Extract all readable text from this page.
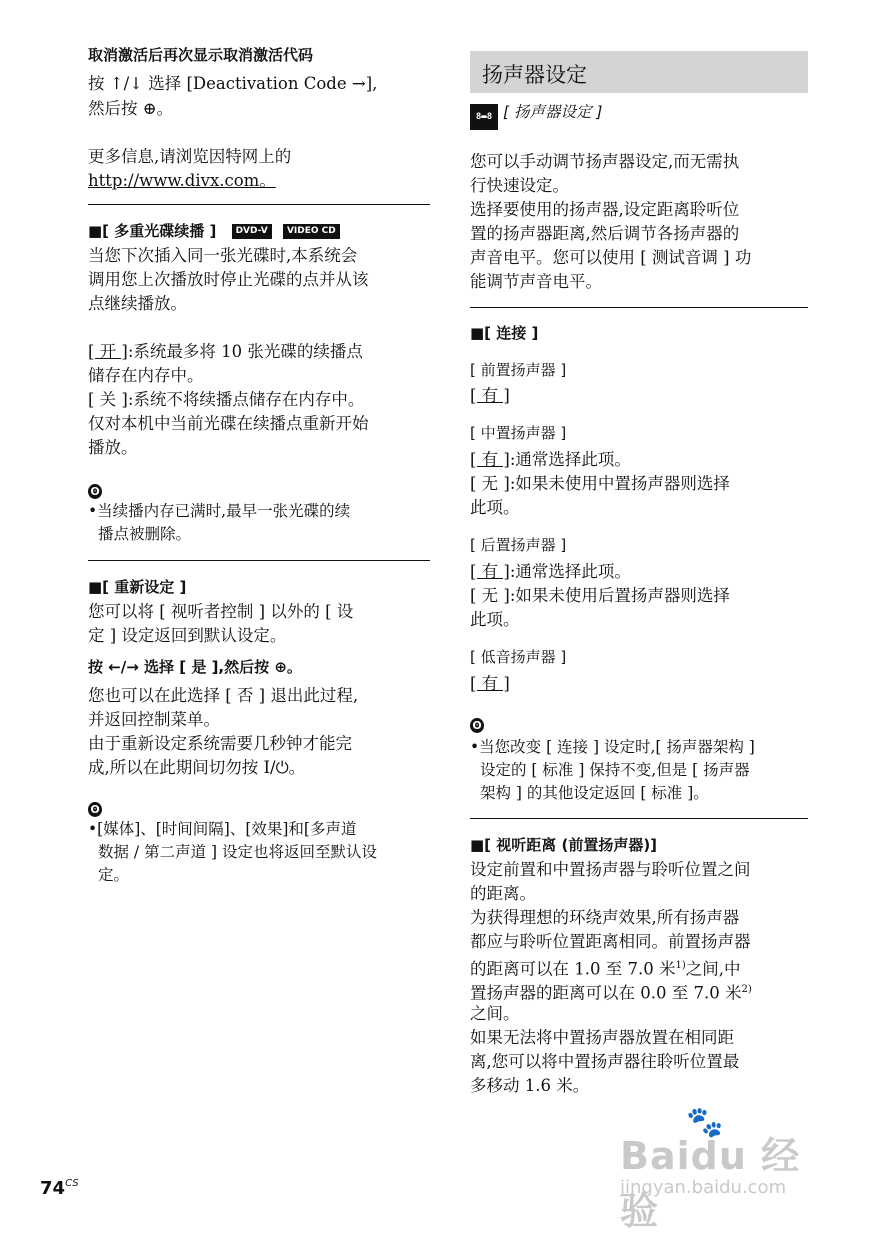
取消激活后再次显示取消激活代码

按 ↑/↓ 选择 [Deactivation Code →],

然后按 ⊕。

更多信息,请浏览因特网上的

http://www.divx.com。

■[ 多重光碟续播 ] DVD-V VIDEO CD

当您下次插入同一张光碟时,本系统会

调用您上次播放时停止光碟的点并从该

点继续播放。

[ 开 ]:系统最多将 10 张光碟的续播点

储存在内存中。

[ 关 ]:系统不将续播点储存在内存中。

仅对本机中当前光碟在续播点重新开始

播放。

ʘ
•当续播内存已满时,最早一张光碟的续
播点被删除。
■[ 重新设定 ]

您可以将 [ 视听者控制 ] 以外的 [ 设

定 ] 设定返回到默认设定。

按 ←/→ 选择 [ 是 ],然后按 ⊕。

您也可以在此选择 [ 否 ] 退出此过程,

并返回控制菜单。

由于重新设定系统需要几秒钟才能完

成,所以在此期间切勿按 I/⏻。

ʘ
•[媒体]、[时间间隔]、[效果]和[多声道
数据 / 第二声道 ] 设定也将返回至默认设
定。
扬声器设定
8▬8 [ 扬声器设定 ]

您可以手动调节扬声器设定,而无需执

行快速设定。

选择要使用的扬声器,设定距离聆听位

置的扬声器距离,然后调节各扬声器的

声音电平。您可以使用 [ 测试音调 ] 功

能调节声音电平。

■[ 连接 ]
[ 前置扬声器 ]

[ 有 ]

[ 中置扬声器 ]

[ 有 ]:通常选择此项。

[ 无 ]:如果未使用中置扬声器则选择

此项。

[ 后置扬声器 ]

[ 有 ]:通常选择此项。

[ 无 ]:如果未使用后置扬声器则选择

此项。

[ 低音扬声器 ]

[ 有 ]

ʘ
•当您改变 [ 连接 ] 设定时,[ 扬声器架构 ]
设定的 [ 标准 ] 保持不变,但是 [ 扬声器
架构 ] 的其他设定返回 [ 标准 ]。
■[ 视听距离 (前置扬声器)]

设定前置和中置扬声器与聆听位置之间

的距离。

为获得理想的环绕声效果,所有扬声器

都应与聆听位置距离相同。前置扬声器

的距离可以在 1.0 至 7.0 米$^{1)}$之间,中

置扬声器的距离可以在 0.0 至 7.0 米$^{2)}$

之间。

如果无法将中置扬声器放置在相同距

离,您可以将中置扬声器往聆听位置最

多移动 1.6 米。

$74^{CS}$
🐾
Baidu 经验
jingyan.baidu.com
